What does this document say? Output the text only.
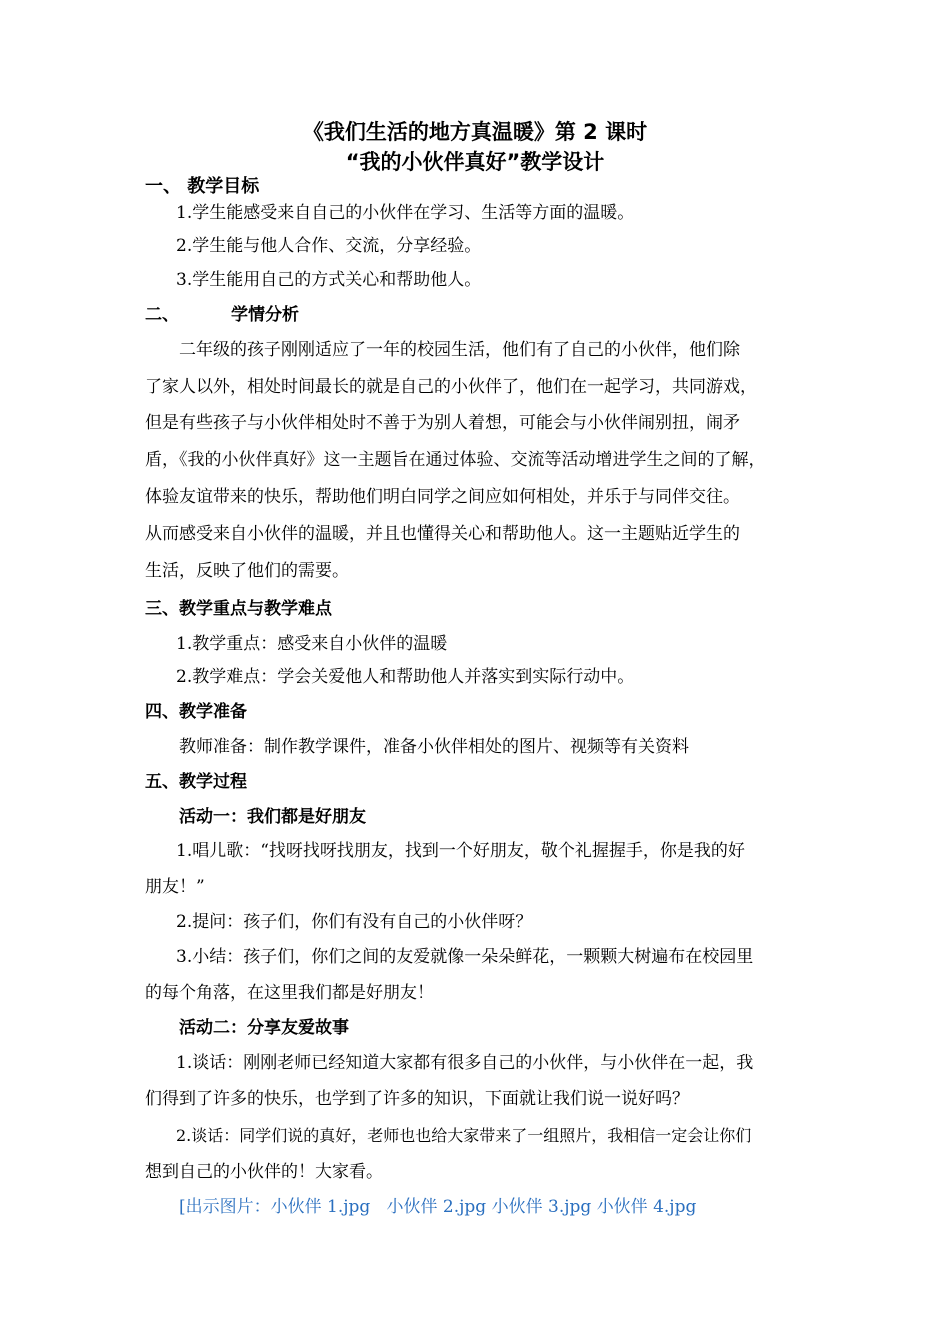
《我们生活的地方真温暖》第 2 课时
“我的小伙伴真好”教学设计
一、 教学目标
1.学生能感受来自自己的小伙伴在学习、生活等方面的温暖。
2.学生能与他人合作、交流，分享经验。
3.学生能用自己的方式关心和帮助他人。
二、	学情分析
二年级的孩子刚刚适应了一年的校园生活，他们有了自己的小伙伴，他们除
了家人以外，相处时间最长的就是自己的小伙伴了，他们在一起学习，共同游戏，
但是有些孩子与小伙伴相处时不善于为别人着想，可能会与小伙伴闹别扭，闹矛
盾，《我的小伙伴真好》这一主题旨在通过体验、交流等活动增进学生之间的了解，
体验友谊带来的快乐，帮助他们明白同学之间应如何相处，并乐于与同伴交往。
从而感受来自小伙伴的温暖，并且也懂得关心和帮助他人。这一主题贴近学生的
生活，反映了他们的需要。
三、教学重点与教学难点
1.教学重点：感受来自小伙伴的温暖
2.教学难点：学会关爱他人和帮助他人并落实到实际行动中。
四、教学准备
教师准备：制作教学课件，准备小伙伴相处的图片、视频等有关资料
五、教学过程
活动一：我们都是好朋友
1.唱儿歌：“找呀找呀找朋友，找到一个好朋友，敬个礼握握手，你是我的好
朋友！”
2.提问：孩子们，你们有没有自己的小伙伴呀？
3.小结：孩子们，你们之间的友爱就像一朵朵鲜花，一颗颗大树遍布在校园里
的每个角落，在这里我们都是好朋友！
活动二：分享友爱故事
1.谈话：刚刚老师已经知道大家都有很多自己的小伙伴，与小伙伴在一起，我
们得到了许多的快乐，也学到了许多的知识，下面就让我们说一说好吗？
2.谈话：同学们说的真好，老师也也给大家带来了一组照片，我相信一定会让你们
想到自己的小伙伴的！大家看。
[出示图片：小伙伴 1.jpg 小伙伴 2.jpg 小伙伴 3.jpg 小伙伴 4.jpg
